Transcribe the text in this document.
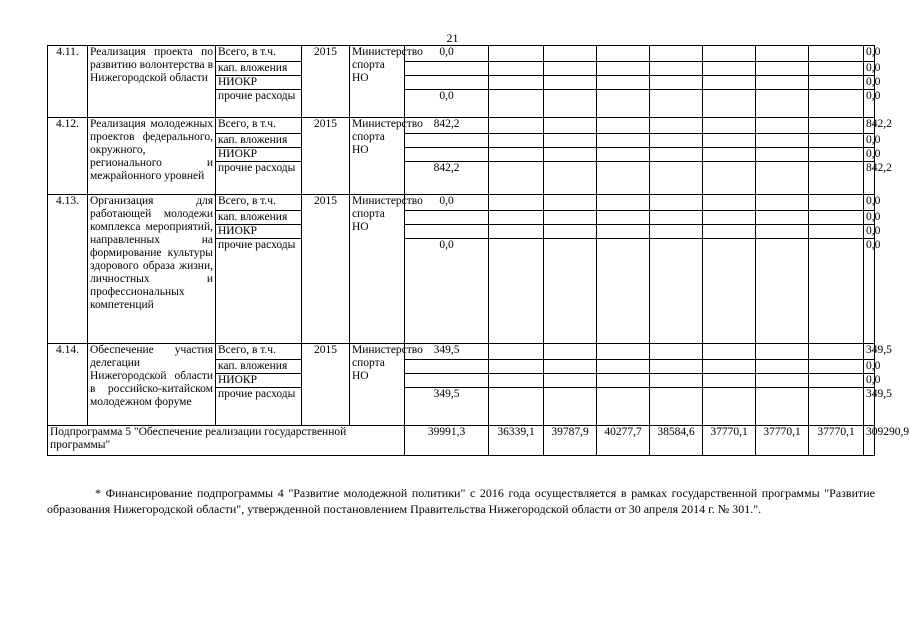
21
4.11.	Реализация проекта по развитию волонтерства в Нижегородской области	Всего, в т.ч.	2015	Министерство спорта НО	0,0								0,0
		кап. вложения											0,0
		НИОКР											0,0
		прочие расходы			0,0								0,0
4.12.	Реализация молодежных проектов федерального, окружного, регионального и межрайонного уровней	Всего, в т.ч.	2015	Министерство спорта НО	842,2								842,2
		кап. вложения											0,0
		НИОКР											0,0
		прочие расходы			842,2								842,2
4.13.	Организация для работающей молодежи комплекса мероприятий, направленных на формирование культуры здорового образа жизни, личностных и профессиональных компетенций	Всего, в т.ч.	2015	Министерство спорта НО	0,0								0,0
		кап. вложения											0,0
		НИОКР											0,0
		прочие расходы			0,0								0,0
4.14.	Обеспечение участия делегации Нижегородской области в российско-китайском молодежном форуме	Всего, в т.ч.	2015	Министерство спорта НО	349,5								349,5
		кап. вложения											0,0
		НИОКР											0,0
		прочие расходы			349,5								349,5
Подпрограмма 5 "Обеспечение реализации государственной программы"					39991,3	36339,1	39787,9	40277,7	38584,6	37770,1	37770,1	37770,1	309290,9
* Финансирование подпрограммы 4 "Развитие молодежной политики" с 2016 года осуществляется в рамках государственной программы "Развитие образования Нижегородской области", утвержденной постановлением Правительства Нижегородской области от 30 апреля 2014 г. № 301.".
